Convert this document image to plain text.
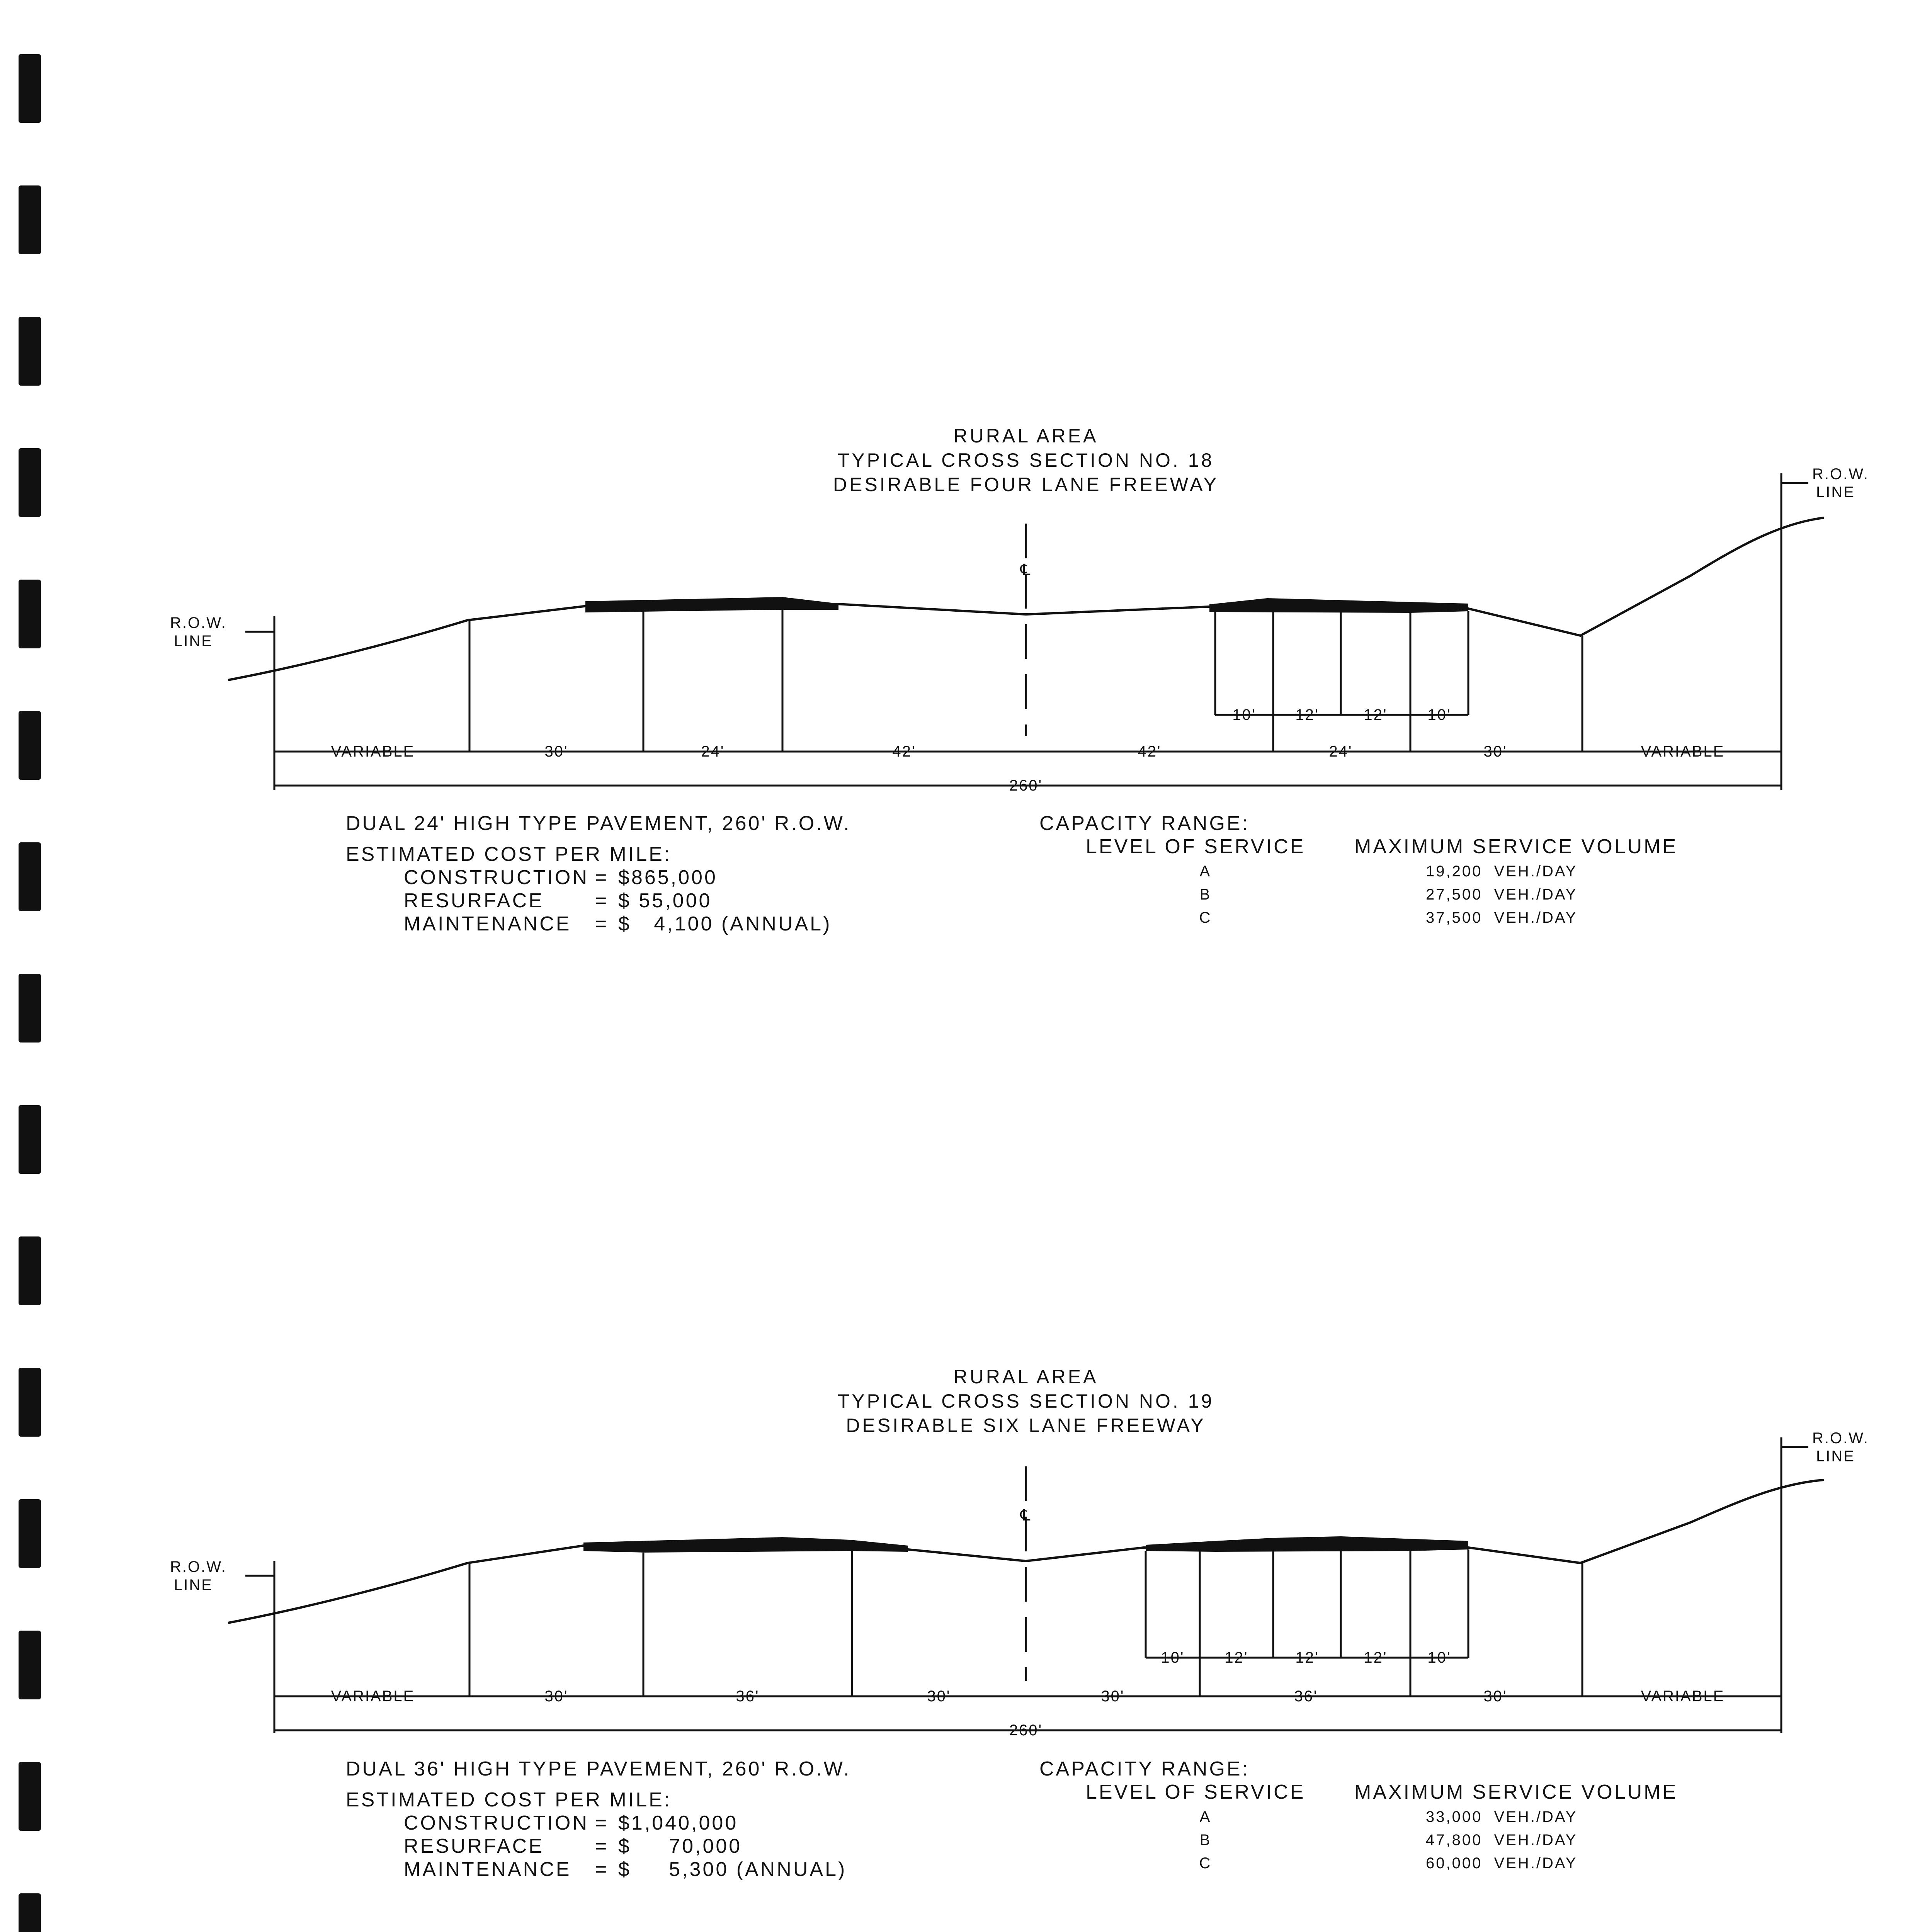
RURAL AREA
TYPICAL CROSS SECTION NO. 18
DESIRABLE FOUR LANE FREEWAY
℄
R.O.W.
LINE
R.O.W.
LINE
10'	12'	12'	10'
VARIABLE	30'	24'	42'	42'	24'	30'	VARIABLE
260'
DUAL 24' HIGH TYPE PAVEMENT, 260' R.O.W.
ESTIMATED COST PER MILE:
CONSTRUCTION = $865,000
RESURFACE	= $ 55,000
MAINTENANCE = $   4,100 (ANNUAL)
CAPACITY RANGE:
LEVEL OF SERVICE MAXIMUM SERVICE VOLUME
A	19,200  VEH./DAY
B	27,500  VEH./DAY
C	37,500  VEH./DAY
RURAL AREA
TYPICAL CROSS SECTION NO. 19
DESIRABLE SIX LANE FREEWAY
℄
R.O.W.
LINE
R.O.W.
LINE
10'	12'	12'	12'	10'
VARIABLE	30'	36'	30'	30'	36'	30'	VARIABLE
260'
DUAL 36' HIGH TYPE PAVEMENT, 260' R.O.W.
ESTIMATED COST PER MILE:
CONSTRUCTION = $1,040,000
RESURFACE	= $     70,000
MAINTENANCE = $     5,300 (ANNUAL)
CAPACITY RANGE:
LEVEL OF SERVICE MAXIMUM SERVICE VOLUME
A	33,000  VEH./DAY
B	47,800  VEH./DAY
C	60,000  VEH./DAY
